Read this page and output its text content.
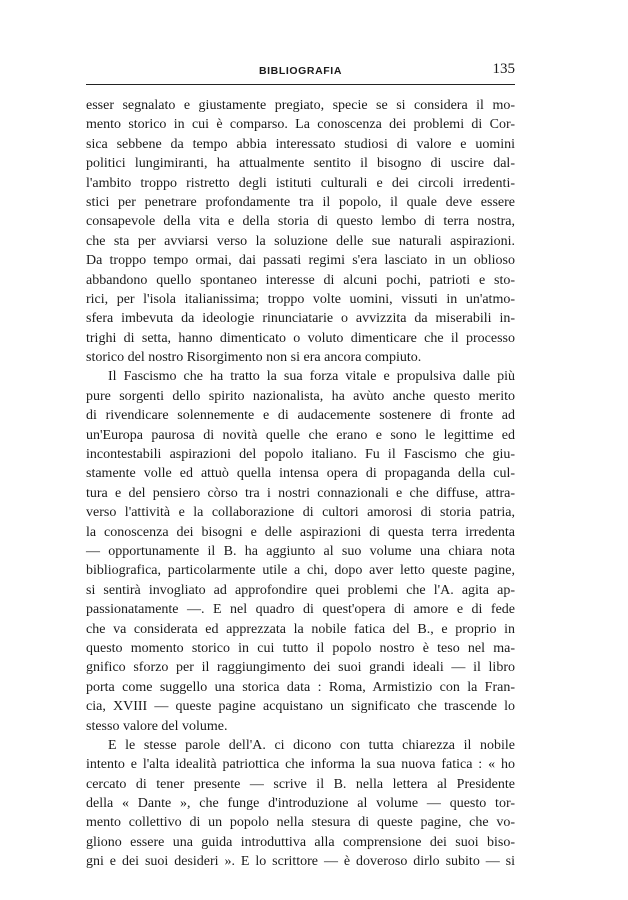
BIBLIOGRAFIA	135
esser segnalato e giustamente pregiato, specie se si considera il mo-
mento storico in cui è comparso. La conoscenza dei problemi di Cor-
sica sebbene da tempo abbia interessato studiosi di valore e uomini
politici lungimiranti, ha attualmente sentito il bisogno di uscire dal-
l'ambito troppo ristretto degli istituti culturali e dei circoli irredenti-
stici per penetrare profondamente tra il popolo, il quale deve essere
consapevole della vita e della storia di questo lembo di terra nostra,
che sta per avviarsi verso la soluzione delle sue naturali aspirazioni.
Da troppo tempo ormai, dai passati regimi s'era lasciato in un oblioso
abbandono quello spontaneo interesse di alcuni pochi, patrioti e sto-
rici, per l'isola italianissima; troppo volte uomini, vissuti in un'atmo-
sfera imbevuta da ideologie rinunciatarie o avvizzita da miserabili in-
trighi di setta, hanno dimenticato o voluto dimenticare che il processo
storico del nostro Risorgimento non si era ancora compiuto.
Il Fascismo che ha tratto la sua forza vitale e propulsiva dalle più
pure sorgenti dello spirito nazionalista, ha avùto anche questo merito
di rivendicare solennemente e di audacemente sostenere di fronte ad
un'Europa paurosa di novità quelle che erano e sono le legittime ed
incontestabili aspirazioni del popolo italiano. Fu il Fascismo che giu-
stamente volle ed attuò quella intensa opera di propaganda della cul-
tura e del pensiero còrso tra i nostri connazionali e che diffuse, attra-
verso l'attività e la collaborazione di cultori amorosi di storia patria,
la conoscenza dei bisogni e delle aspirazioni di questa terra irredenta
— opportunamente il B. ha aggiunto al suo volume una chiara nota
bibliografica, particolarmente utile a chi, dopo aver letto queste pagine,
si sentirà invogliato ad approfondire quei problemi che l'A. agita ap-
passionatamente —. E nel quadro di quest'opera di amore e di fede
che va considerata ed apprezzata la nobile fatica del B., e proprio in
questo momento storico in cui tutto il popolo nostro è teso nel ma-
gnifico sforzo per il raggiungimento dei suoi grandi ideali — il libro
porta come suggello una storica data : Roma, Armistizio con la Fran-
cia, XVIII — queste pagine acquistano un significato che trascende lo
stesso valore del volume.
E le stesse parole dell'A. ci dicono con tutta chiarezza il nobile
intento e l'alta idealità patriottica che informa la sua nuova fatica : « ho
cercato di tener presente — scrive il B. nella lettera al Presidente
della « Dante », che funge d'introduzione al volume — questo tor-
mento collettivo di un popolo nella stesura di queste pagine, che vo-
gliono essere una guida introduttiva alla comprensione dei suoi biso-
gni e dei suoi desideri ». E lo scrittore — è doveroso dirlo subito — si
